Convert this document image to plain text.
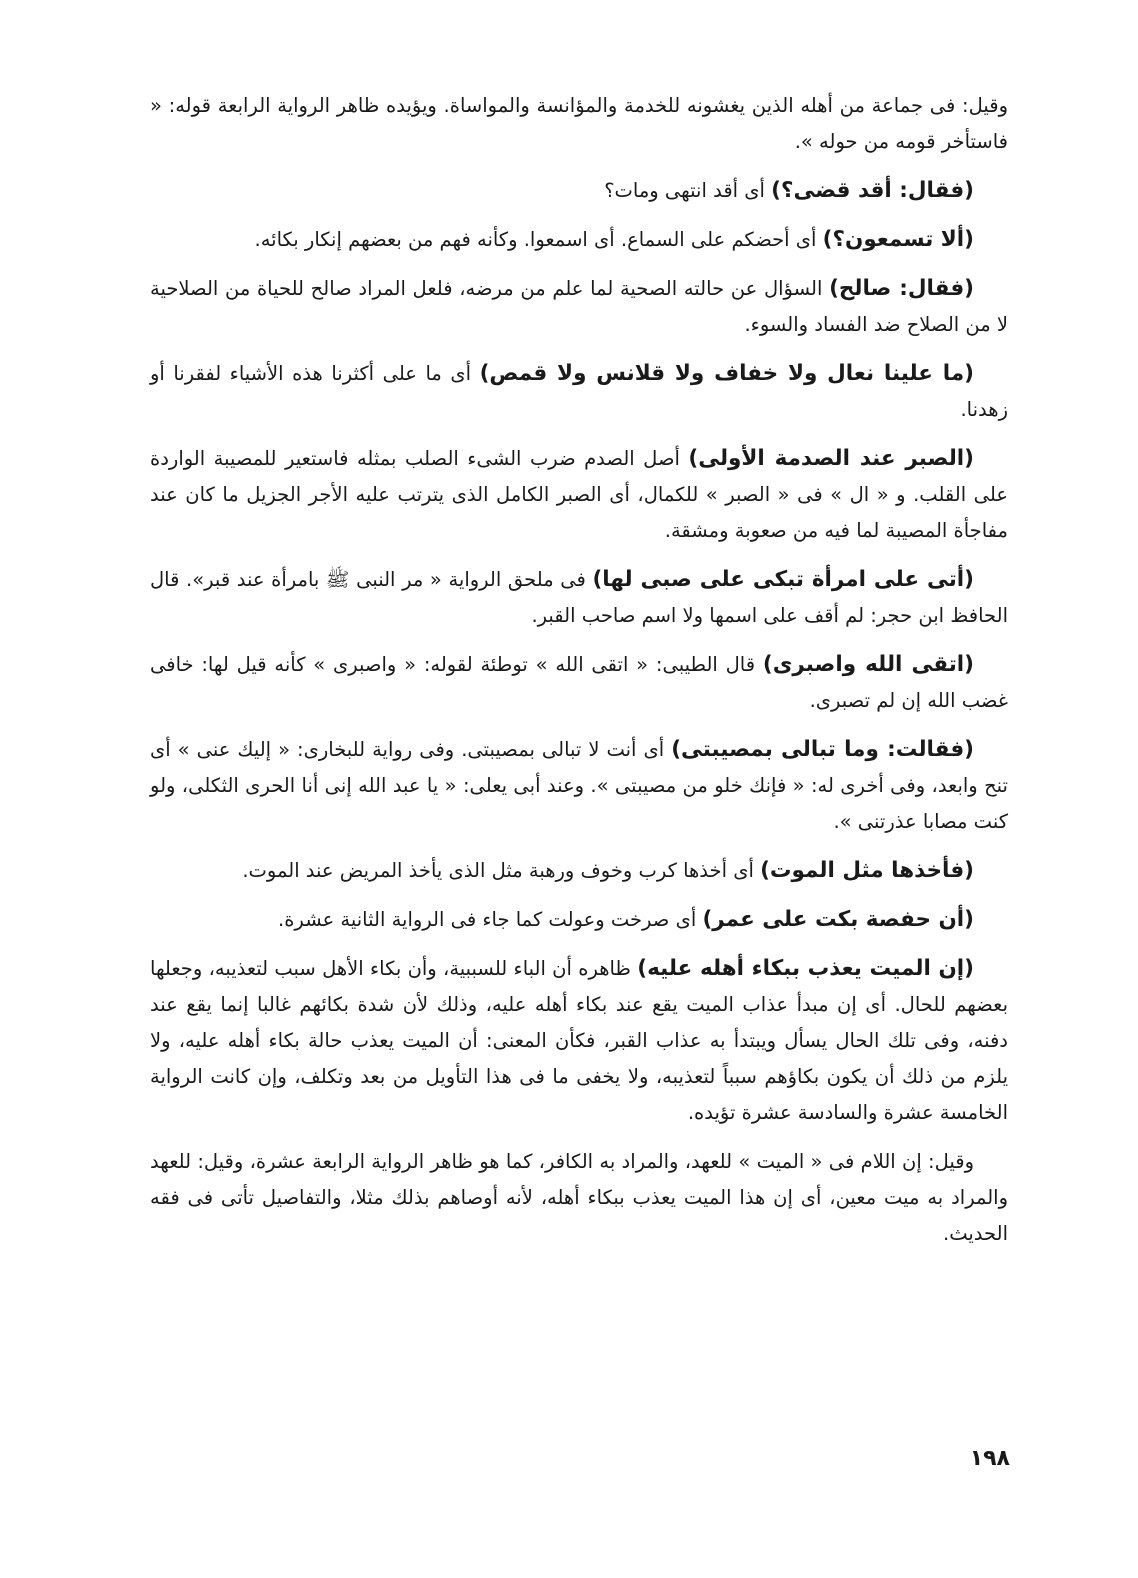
وقيل: فى جماعة من أهله الذين يغشونه للخدمة والمؤانسة والمواساة. ويؤيده ظاهر الرواية الرابعة قوله: « فاستأخر قومه من حوله ».

(فقال: أقد قضى؟) أى أقد انتهى ومات؟

(ألا تسمعون؟) أى أحضكم على السماع. أى اسمعوا. وكأنه فهم من بعضهم إنكار بكائه.

(فقال: صالح) السؤال عن حالته الصحية لما علم من مرضه، فلعل المراد صالح للحياة من الصلاحية لا من الصلاح ضد الفساد والسوء.

(ما علينا نعال ولا خفاف ولا قلانس ولا قمص) أى ما على أكثرنا هذه الأشياء لفقرنا أو زهدنا.

(الصبر عند الصدمة الأولى) أصل الصدم ضرب الشىء الصلب بمثله فاستعير للمصيبة الواردة على القلب. و « ال » فى « الصبر » للكمال، أى الصبر الكامل الذى يترتب عليه الأجر الجزيل ما كان عند مفاجأة المصيبة لما فيه من صعوبة ومشقة.

(أتى على امرأة تبكى على صبى لها) فى ملحق الرواية « مر النبى ﷺ بامرأة عند قبر». قال الحافظ ابن حجر: لم أقف على اسمها ولا اسم صاحب القبر.

(اتقى الله واصبرى) قال الطيبى: « اتقى الله » توطئة لقوله: « واصبرى » كأنه قيل لها: خافى غضب الله إن لم تصبرى.

(فقالت: وما تبالى بمصيبتى) أى أنت لا تبالى بمصيبتى. وفى رواية للبخارى: « إليك عنى » أى تنح وابعد، وفى أخرى له: « فإنك خلو من مصيبتى ». وعند أبى يعلى: « يا عبد الله إنى أنا الحرى الثكلى، ولو كنت مصابا عذرتنى ».

(فأخذها مثل الموت) أى أخذها كرب وخوف ورهبة مثل الذى يأخذ المريض عند الموت.

(أن حفصة بكت على عمر) أى صرخت وعولت كما جاء فى الرواية الثانية عشرة.

(إن الميت يعذب ببكاء أهله عليه) ظاهره أن الباء للسببية، وأن بكاء الأهل سبب لتعذيبه، وجعلها بعضهم للحال. أى إن مبدأ عذاب الميت يقع عند بكاء أهله عليه، وذلك لأن شدة بكائهم غالبا إنما يقع عند دفنه، وفى تلك الحال يسأل ويبتدأ به عذاب القبر، فكأن المعنى: أن الميت يعذب حالة بكاء أهله عليه، ولا يلزم من ذلك أن يكون بكاؤهم سبباً لتعذيبه، ولا يخفى ما فى هذا التأويل من بعد وتكلف، وإن كانت الرواية الخامسة عشرة والسادسة عشرة تؤيده.

وقيل: إن اللام فى « الميت » للعهد، والمراد به الكافر، كما هو ظاهر الرواية الرابعة عشرة، وقيل: للعهد والمراد به ميت معين، أى إن هذا الميت يعذب ببكاء أهله، لأنه أوصاهم بذلك مثلا، والتفاصيل تأتى فى فقه الحديث.

١٩٨
